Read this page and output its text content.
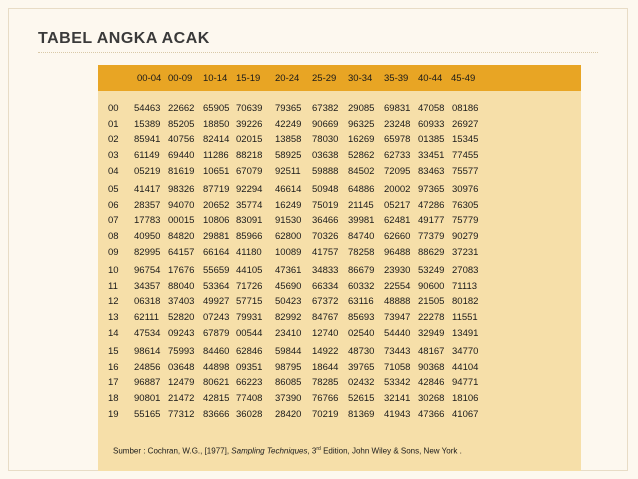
TABEL ANGKA ACAK
00-04 00-09 10-14 15-19 20-24 25-29 30-34 35-39 40-44 45-49
00 54463 22662 65905 70639 79365 67382 29085 69831 47058 08186
01 15389 85205 18850 39226 42249 90669 96325 23248 60933 26927
02 85941 40756 82414 02015 13858 78030 16269 65978 01385 15345
03 61149 69440 11286 88218 58925 03638 52862 62733 33451 77455
04 05219 81619 10651 67079 92511 59888 84502 72095 83463 75577
05 41417 98326 87719 92294 46614 50948 64886 20002 97365 30976
06 28357 94070 20652 35774 16249 75019 21145 05217 47286 76305
07 17783 00015 10806 83091 91530 36466 39981 62481 49177 75779
08 40950 84820 29881 85966 62800 70326 84740 62660 77379 90279
09 82995 64157 66164 41180 10089 41757 78258 96488 88629 37231
10 96754 17676 55659 44105 47361 34833 86679 23930 53249 27083
11 34357 88040 53364 71726 45690 66334 60332 22554 90600 71113
12 06318 37403 49927 57715 50423 67372 63116 48888 21505 80182
13 62111 52820 07243 79931 82992 84767 85693 73947 22278 11551
14 47534 09243 67879 00544 23410 12740 02540 54440 32949 13491
15 98614 75993 84460 62846 59844 14922 48730 73443 48167 34770
16 24856 03648 44898 09351 98795 18644 39765 71058 90368 44104
17 96887 12479 80621 66223 86085 78285 02432 53342 42846 94771
18 90801 21472 42815 77408 37390 76766 52615 32141 30268 18106
19 55165 77312 83666 36028 28420 70219 81369 41943 47366 41067
Sumber : Cochran, W.G., [1977], Sampling Techniques, 3rd Edition, John Wiley & Sons, New York .
